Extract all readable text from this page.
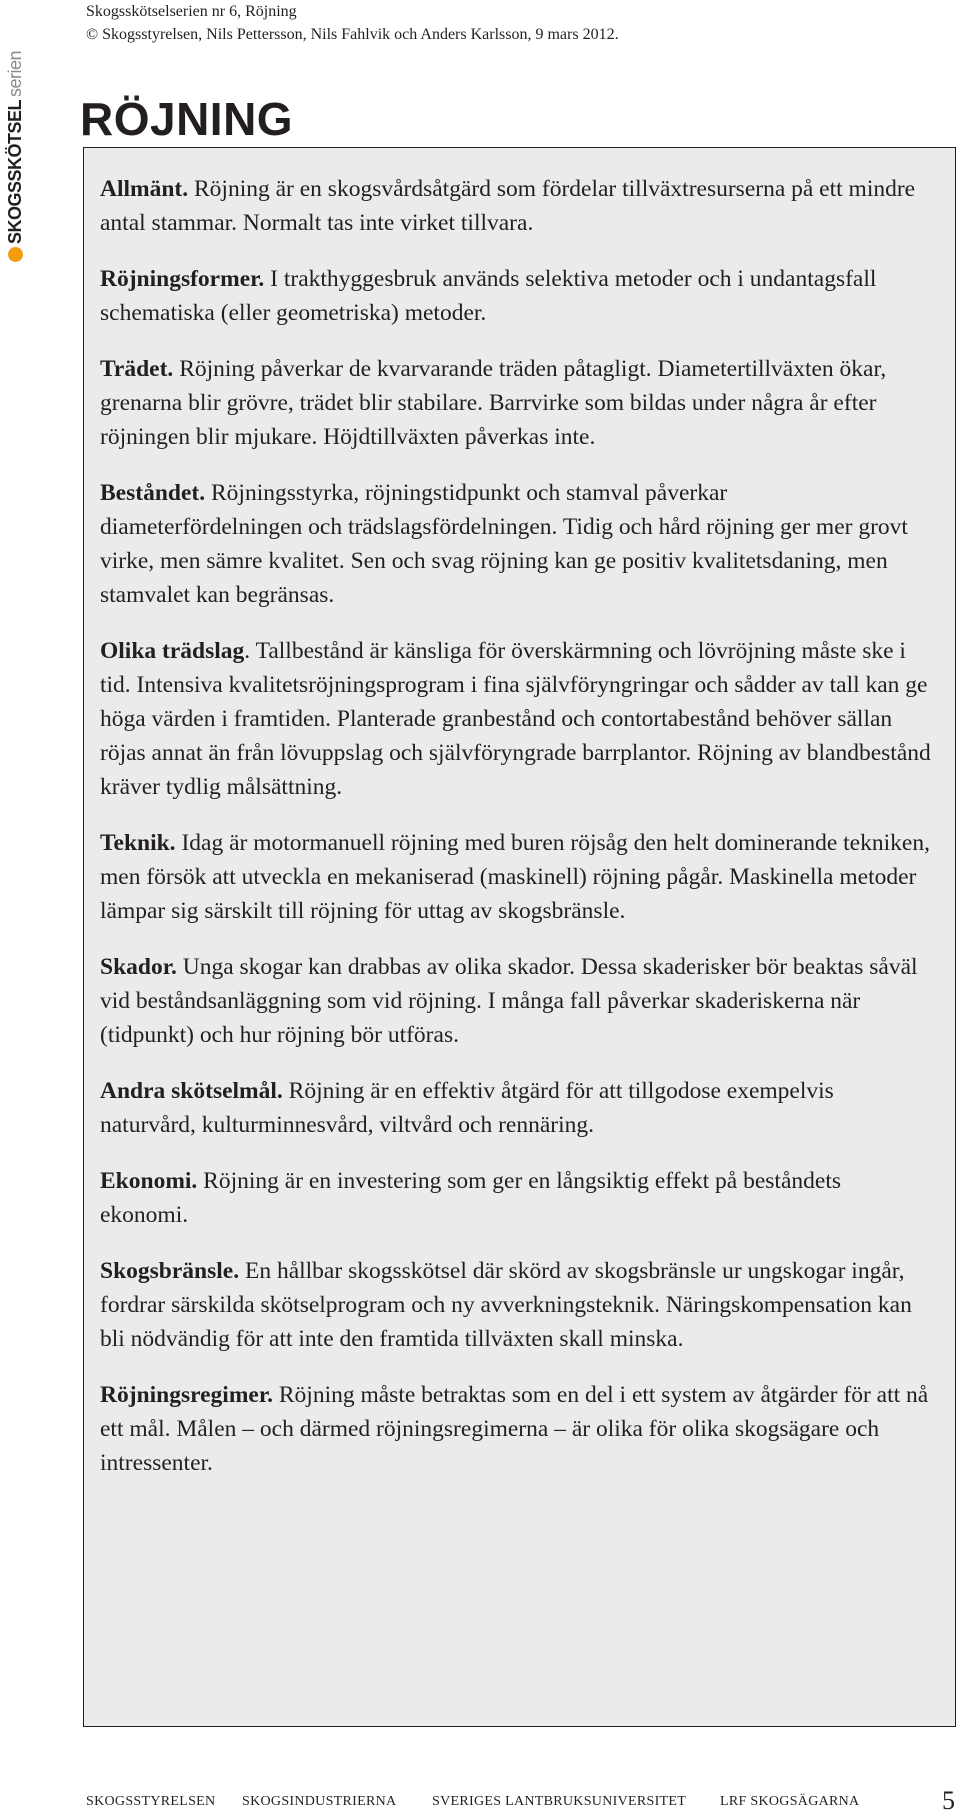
Skogsskötselserien nr 6, Röjning
© Skogsstyrelsen, Nils Pettersson, Nils Fahlvik och Anders Karlsson, 9 mars 2012.
SKOGSSKÖTSEL
serien
RÖJNING

Allmänt. Röjning är en skogsvårdsåtgärd som fördelar tillväxtresurserna på ett mindre antal stammar. Normalt tas inte virket tillvara.

Röjningsformer. I trakthyggesbruk används selektiva metoder och i undantagsfall schematiska (eller geometriska) metoder.

Trädet. Röjning påverkar de kvarvarande träden påtagligt. Diametertillväxten ökar, grenarna blir grövre, trädet blir stabilare. Barrvirke som bildas under några år efter röjningen blir mjukare. Höjdtillväxten påverkas inte.

Beståndet. Röjningsstyrka, röjningstidpunkt och stamval påverkar diameterfördelningen och trädslagsfördelningen. Tidig och hård röjning ger mer grovt virke, men sämre kvalitet. Sen och svag röjning kan ge positiv kvalitetsdaning, men stamvalet kan begränsas.

Olika trädslag. Tallbestånd är känsliga för överskärmning och lövröjning måste ske i tid. Intensiva kvalitetsröjningsprogram i fina självföryngringar och sådder av tall kan ge höga värden i framtiden. Planterade granbestånd och contortabestånd behöver sällan röjas annat än från lövuppslag och självföryngrade barrplantor. Röjning av blandbestånd kräver tydlig målsättning.

Teknik. Idag är motormanuell röjning med buren röjsåg den helt dominerande tekniken, men försök att utveckla en mekaniserad (maskinell) röjning pågår. Maskinella metoder lämpar sig särskilt till röjning för uttag av skogsbränsle.

Skador. Unga skogar kan drabbas av olika skador. Dessa skaderisker bör beaktas såväl vid beståndsanläggning som vid röjning. I många fall påverkar skaderiskerna när (tidpunkt) och hur röjning bör utföras.

Andra skötselmål. Röjning är en effektiv åtgärd för att tillgodose exempelvis naturvård, kulturminnesvård, viltvård och rennäring.

Ekonomi. Röjning är en investering som ger en långsiktig effekt på beståndets ekonomi.

Skogsbränsle. En hållbar skogsskötsel där skörd av skogsbränsle ur ungskogar ingår, fordrar särskilda skötselprogram och ny avverkningsteknik. Näringskompensation kan bli nödvändig för att inte den framtida tillväxten skall minska.

Röjningsregimer. Röjning måste betraktas som en del i ett system av åtgärder för att nå ett mål. Målen – och därmed röjningsregimerna – är olika för olika skogsägare och intressenter.

SKOGSSTYRELSEN SKOGSINDUSTRIERNA	SVERIGES LANTBRUKSUNIVERSITET LRF SKOGSÄGARNA	5
